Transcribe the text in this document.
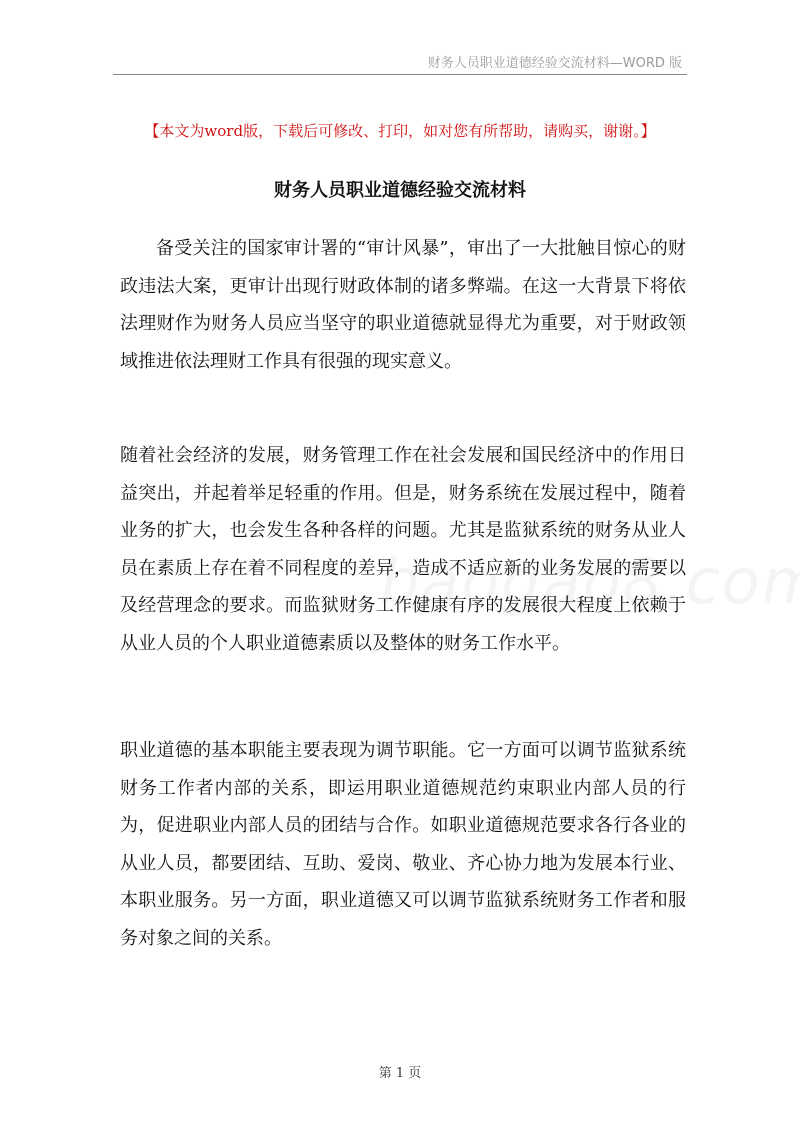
财务人员职业道德经验交流材料—WORD 版
【本文为word版，下载后可修改、打印，如对您有所帮助，请购买，谢谢。】
财务人员职业道德经验交流材料

备受关注的国家审计署的“审计风暴”，审出了一大批触目惊心的财政违法大案，更审计出现行财政体制的诸多弊端。在这一大背景下将依法理财作为财务人员应当坚守的职业道德就显得尤为重要，对于财政领域推进依法理财工作具有很强的现实意义。

随着社会经济的发展，财务管理工作在社会发展和国民经济中的作用日益突出，并起着举足轻重的作用。但是，财务系统在发展过程中，随着业务的扩大，也会发生各种各样的问题。尤其是监狱系统的财务从业人员在素质上存在着不同程度的差异，造成不适应新的业务发展的需要以及经营理念的要求。而监狱财务工作健康有序的发展很大程度上依赖于从业人员的个人职业道德素质以及整体的财务工作水平。

职业道德的基本职能主要表现为调节职能。它一方面可以调节监狱系统财务工作者内部的关系，即运用职业道德规范约束职业内部人员的行为，促进职业内部人员的团结与合作。如职业道德规范要求各行各业的从业人员，都要团结、互助、爱岗、敬业、齐心协力地为发展本行业、本职业服务。另一方面，职业道德又可以调节监狱系统财务工作者和服务对象之间的关系。

第 1 页
